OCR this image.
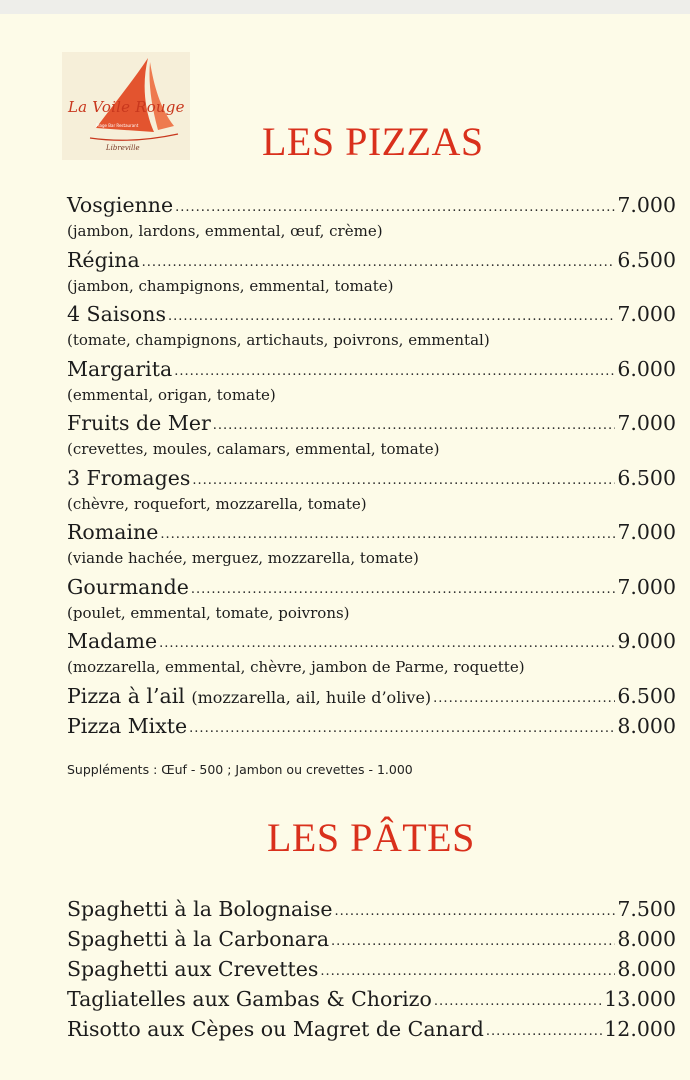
La Voile Rouge
Plage Bar Restaurant
Libreville	LES PIZZAS
Vosgienne .....	7.000
(jambon, lardons, emmental, œuf, crème)
Régina .....	6.500
(jambon, champignons, emmental, tomate)
4 Saisons .....	7.000
(tomate, champignons, artichauts, poivrons, emmental)
Margarita .....	6.000
(emmental, origan, tomate)
Fruits de Mer .....	7.000
(crevettes, moules, calamars, emmental, tomate)
3 Fromages .....	6.500
(chèvre, roquefort, mozzarella, tomate)
Romaine .....	7.000
(viande hachée, merguez, mozzarella, tomate)
Gourmande .....	7.000
(poulet, emmental, tomate, poivrons)
Madame .....	9.000
(mozzarella, emmental, chèvre, jambon de Parme, roquette)
Pizza à l’ail (mozzarella, ail, huile d’olive) .....	6.500
Pizza Mixte .....	8.000
Suppléments : Œuf - 500 ; Jambon ou crevettes - 1.000
LES PÂTES
Spaghetti à la Bolognaise .....	7.500
Spaghetti à la Carbonara .....	8.000
Spaghetti aux Crevettes .....	8.000
Tagliatelles aux Gambas & Chorizo .....	13.000
Risotto aux Cèpes ou Magret de Canard .....	12.000
